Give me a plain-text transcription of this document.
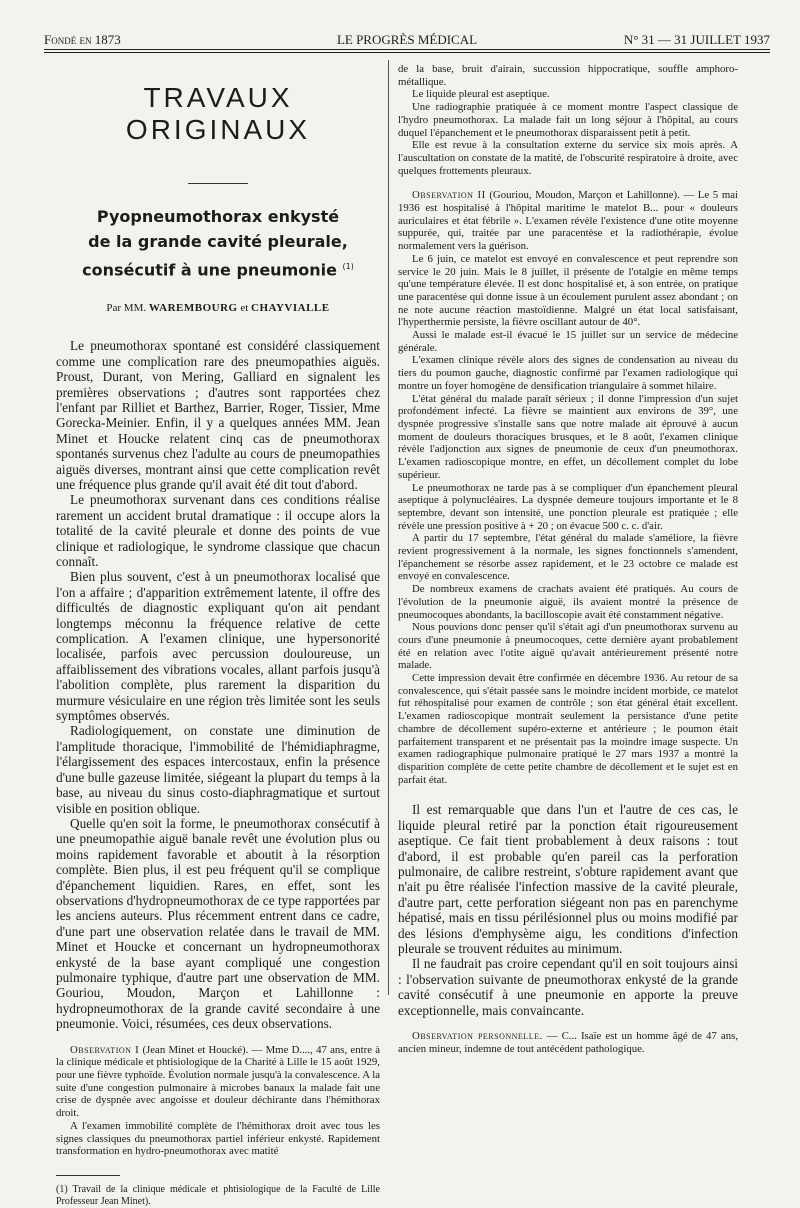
Fondé en 1873	LE PROGRÈS MÉDICAL	N° 31 — 31 JUILLET 1937
TRAVAUX ORIGINAUX
Pyopneumothorax enkysté
de la grande cavité pleurale,
consécutif à une pneumonie $^{(1)}$
Par MM. WAREMBOURG et CHAYVIALLE

Le pneumothorax spontané est considéré classiquement comme une complication rare des pneumopathies aiguës. Proust, Durant, von Mering, Galliard en signalent les premières observations ; d'autres sont rapportées chez l'enfant par Rilliet et Barthez, Barrier, Roger, Tissier, Mme Gorecka-Meinier. Enfin, il y a quelques années MM. Jean Minet et Houcke relatent cinq cas de pneumothorax spontanés survenus chez l'adulte au cours de pneumopathies aiguës diverses, montrant ainsi que cette complication revêt une fréquence plus grande qu'il avait été dit tout d'abord.

Le pneumothorax survenant dans ces conditions réalise rarement un accident brutal dramatique : il occupe alors la totalité de la cavité pleurale et donne des points de vue clinique et radiologique, le syndrome classique que chacun connaît.

Bien plus souvent, c'est à un pneumothorax localisé que l'on a affaire ; d'apparition extrêmement latente, il offre des difficultés de diagnostic expliquant qu'on ait pendant longtemps méconnu la fréquence relative de cette complication. A l'examen clinique, une hypersonorité localisée, parfois avec percussion douloureuse, un affaiblissement des vibrations vocales, allant parfois jusqu'à l'abolition complète, plus rarement la disparition du murmure vésiculaire en une région très limitée sont les seuls symptômes observés.

Radiologiquement, on constate une diminution de l'amplitude thoracique, l'immobilité de l'hémidiaphragme, l'élargissement des espaces intercostaux, enfin la présence d'une bulle gazeuse limitée, siégeant la plupart du temps à la base, au niveau du sinus costo-diaphragmatique et surtout visible en position oblique.

Quelle qu'en soit la forme, le pneumothorax consécutif à une pneumopathie aiguë banale revêt une évolution plus ou moins rapidement favorable et aboutit à la résorption complète. Bien plus, il est peu fréquent qu'il se complique d'épanchement liquidien. Rares, en effet, sont les observations d'hydropneumothorax de ce type rapportées par les anciens auteurs. Plus récemment entrent dans ce cadre, d'une part une observation relatée dans le travail de MM. Minet et Houcke et concernant un hydropneumothorax enkysté de la base ayant compliqué une congestion pulmonaire typhique, d'autre part une observation de MM. Gouriou, Moudon, Marçon et Lahillonne : hydropneumothorax de la grande cavité secondaire à une pneumonie. Voici, résumées, ces deux observations.

Observation I (Jean Minet et Houcké). — Mme D...., 47 ans, entre à la clinique médicale et phtisiologique de la Charité à Lille le 15 août 1929, pour une fièvre typhoïde. Évolution normale jusqu'à la convalescence. A la suite d'une congestion pulmonaire à microbes banaux la malade fait une crise de dyspnée avec angoisse et douleur déchirante dans l'hémithorax droit.

A l'examen immobilité complète de l'hémithorax droit avec tous les signes classiques du pneumothorax partiel inférieur enkysté. Rapidement transformation en hydro-pneumothorax avec matité

(1) Travail de la clinique médicale et phtisiologique de la Faculté de Lille Professeur Jean Minet).

de la base, bruit d'airain, succussion hippocratique, souffle amphoro-métallique.

Le liquide pleural est aseptique.

Une radiographie pratiquée à ce moment montre l'aspect classique de l'hydro pneumothorax. La malade fait un long séjour à l'hôpital, au cours duquel l'épanchement et le pneumothorax disparaissent petit à petit.

Elle est revue à la consultation externe du service six mois après. A l'auscultation on constate de la matité, de l'obscurité respiratoire à droite, avec quelques frottements pleuraux.

Observation II (Gouriou, Moudon, Marçon et Lahillonne). — Le 5 mai 1936 est hospitalisé à l'hôpital maritime le matelot B... pour « douleurs auriculaires et état fébrile ». L'examen révèle l'existence d'une otite moyenne suppurée, qui, traitée par une paracentèse et la radiothérapie, évolue normalement vers la guérison.

Le 6 juin, ce matelot est envoyé en convalescence et peut reprendre son service le 20 juin. Mais le 8 juillet, il présente de l'otalgie en même temps qu'une température élevée. Il est donc hospitalisé et, à son entrée, on pratique une paracentèse qui donne issue à un écoulement purulent assez abondant ; on ne note aucune réaction mastoïdienne. Malgré un état local satisfaisant, l'hyperthermie persiste, la fièvre oscillant autour de 40°.

Aussi le malade est-il évacué le 15 juillet sur un service de médecine générale.

L'examen clinique révèle alors des signes de condensation au niveau du tiers du poumon gauche, diagnostic confirmé par l'examen radiologique qui montre un foyer homogène de densification triangulaire à sommet hilaire.

L'état général du malade paraît sérieux ; il donne l'impression d'un sujet profondément infecté. La fièvre se maintient aux environs de 39°, une dyspnée progressive s'installe sans que notre malade ait éprouvé à aucun moment de douleurs thoraciques brusques, et le 8 août, l'examen clinique révèle l'adjonction aux signes de pneumonie de ceux d'un pneumothorax. L'examen radioscopique montre, en effet, un décollement complet du lobe supérieur.

Le pneumothorax ne tarde pas à se compliquer d'un épanchement pleural aseptique à polynucléaires. La dyspnée demeure toujours importante et le 8 septembre, devant son intensité, une ponction pleurale est pratiquée ; elle révèle une pression positive à + 20 ; on évacue 500 c. c. d'air.

A partir du 17 septembre, l'état général du malade s'améliore, la fièvre revient progressivement à la normale, les signes fonctionnels s'amendent, l'épanchement se résorbe assez rapidement, et le 23 octobre ce malade est envoyé en convalescence.

De nombreux examens de crachats avaient été pratiqués. Au cours de l'évolution de la pneumonie aiguë, ils avaient montré la présence de pneumocoques abondants, la bacilloscopie avait été constamment négative.

Nous pouvions donc penser qu'il s'était agi d'un pneumothorax survenu au cours d'une pneumonie à pneumocoques, cette dernière ayant probablement été en relation avec l'otite aiguë qu'avait antérieurement présenté notre malade.

Cette impression devait être confirmée en décembre 1936. Au retour de sa convalescence, qui s'était passée sans le moindre incident morbide, ce matelot fut réhospitalisé pour examen de contrôle ; son état général était excellent. L'examen radioscopique montrait seulement la persistance d'une petite chambre de décollement supéro-externe et antérieure ; le poumon était parfaitement transparent et ne présentait pas la moindre image suspecte. Un examen radiographique pulmonaire pratiqué le 27 mars 1937 a montré la disparition complète de cette petite chambre de décollement et le sujet est en parfait état.

Il est remarquable que dans l'un et l'autre de ces cas, le liquide pleural retiré par la ponction était rigoureusement aseptique. Ce fait tient probablement à deux raisons : tout d'abord, il est probable qu'en pareil cas la perforation pulmonaire, de calibre restreint, s'obture rapidement avant que n'ait pu être réalisée l'infection massive de la cavité pleurale, d'autre part, cette perforation siégeant non pas en parenchyme hépatisé, mais en tissu périlésionnel plus ou moins modifié par des lésions d'emphysème aigu, les conditions d'infection pleurale se trouvent réduites au minimum.

Il ne faudrait pas croire cependant qu'il en soit toujours ainsi : l'observation suivante de pneumothorax enkysté de la grande cavité consécutif à une pneumonie en apporte la preuve exceptionnelle, mais convaincante.

Observation personnelle. — C... Isaïe est un homme âgé de 47 ans, ancien mineur, indemne de tout antécédent pathologique.
